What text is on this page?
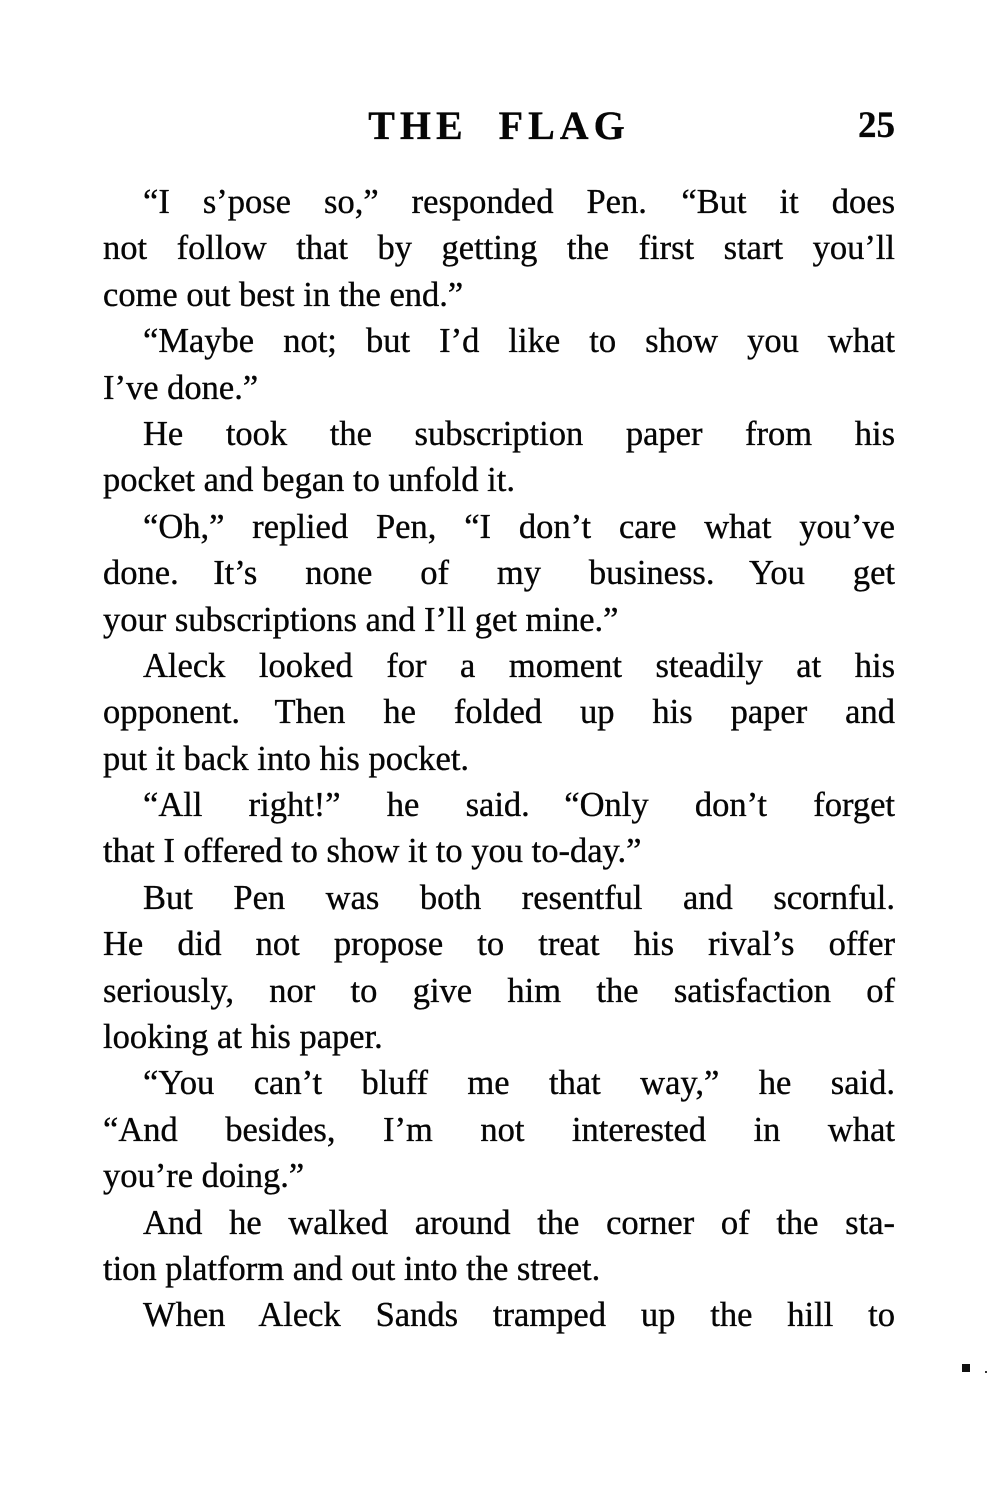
THE FLAG	25
“I s’pose so,” responded Pen. “But it does
not follow that by getting the first start you’ll
come out best in the end.”
“Maybe not; but I’d like to show you what
I’ve done.”
He took the subscription paper from his
pocket and began to unfold it.
“Oh,” replied Pen, “I don’t care what you’ve
done. It’s none of my business. You get
your subscriptions and I’ll get mine.”
Aleck looked for a moment steadily at his
opponent. Then he folded up his paper and
put it back into his pocket.
“All right!” he said. “Only don’t forget
that I offered to show it to you to-day.”
But Pen was both resentful and scornful.
He did not propose to treat his rival’s offer
seriously, nor to give him the satisfaction of
looking at his paper.
“You can’t bluff me that way,” he said.
“And besides, I’m not interested in what
you’re doing.”
And he walked around the corner of the sta-
tion platform and out into the street.
When Aleck Sands tramped up the hill to
